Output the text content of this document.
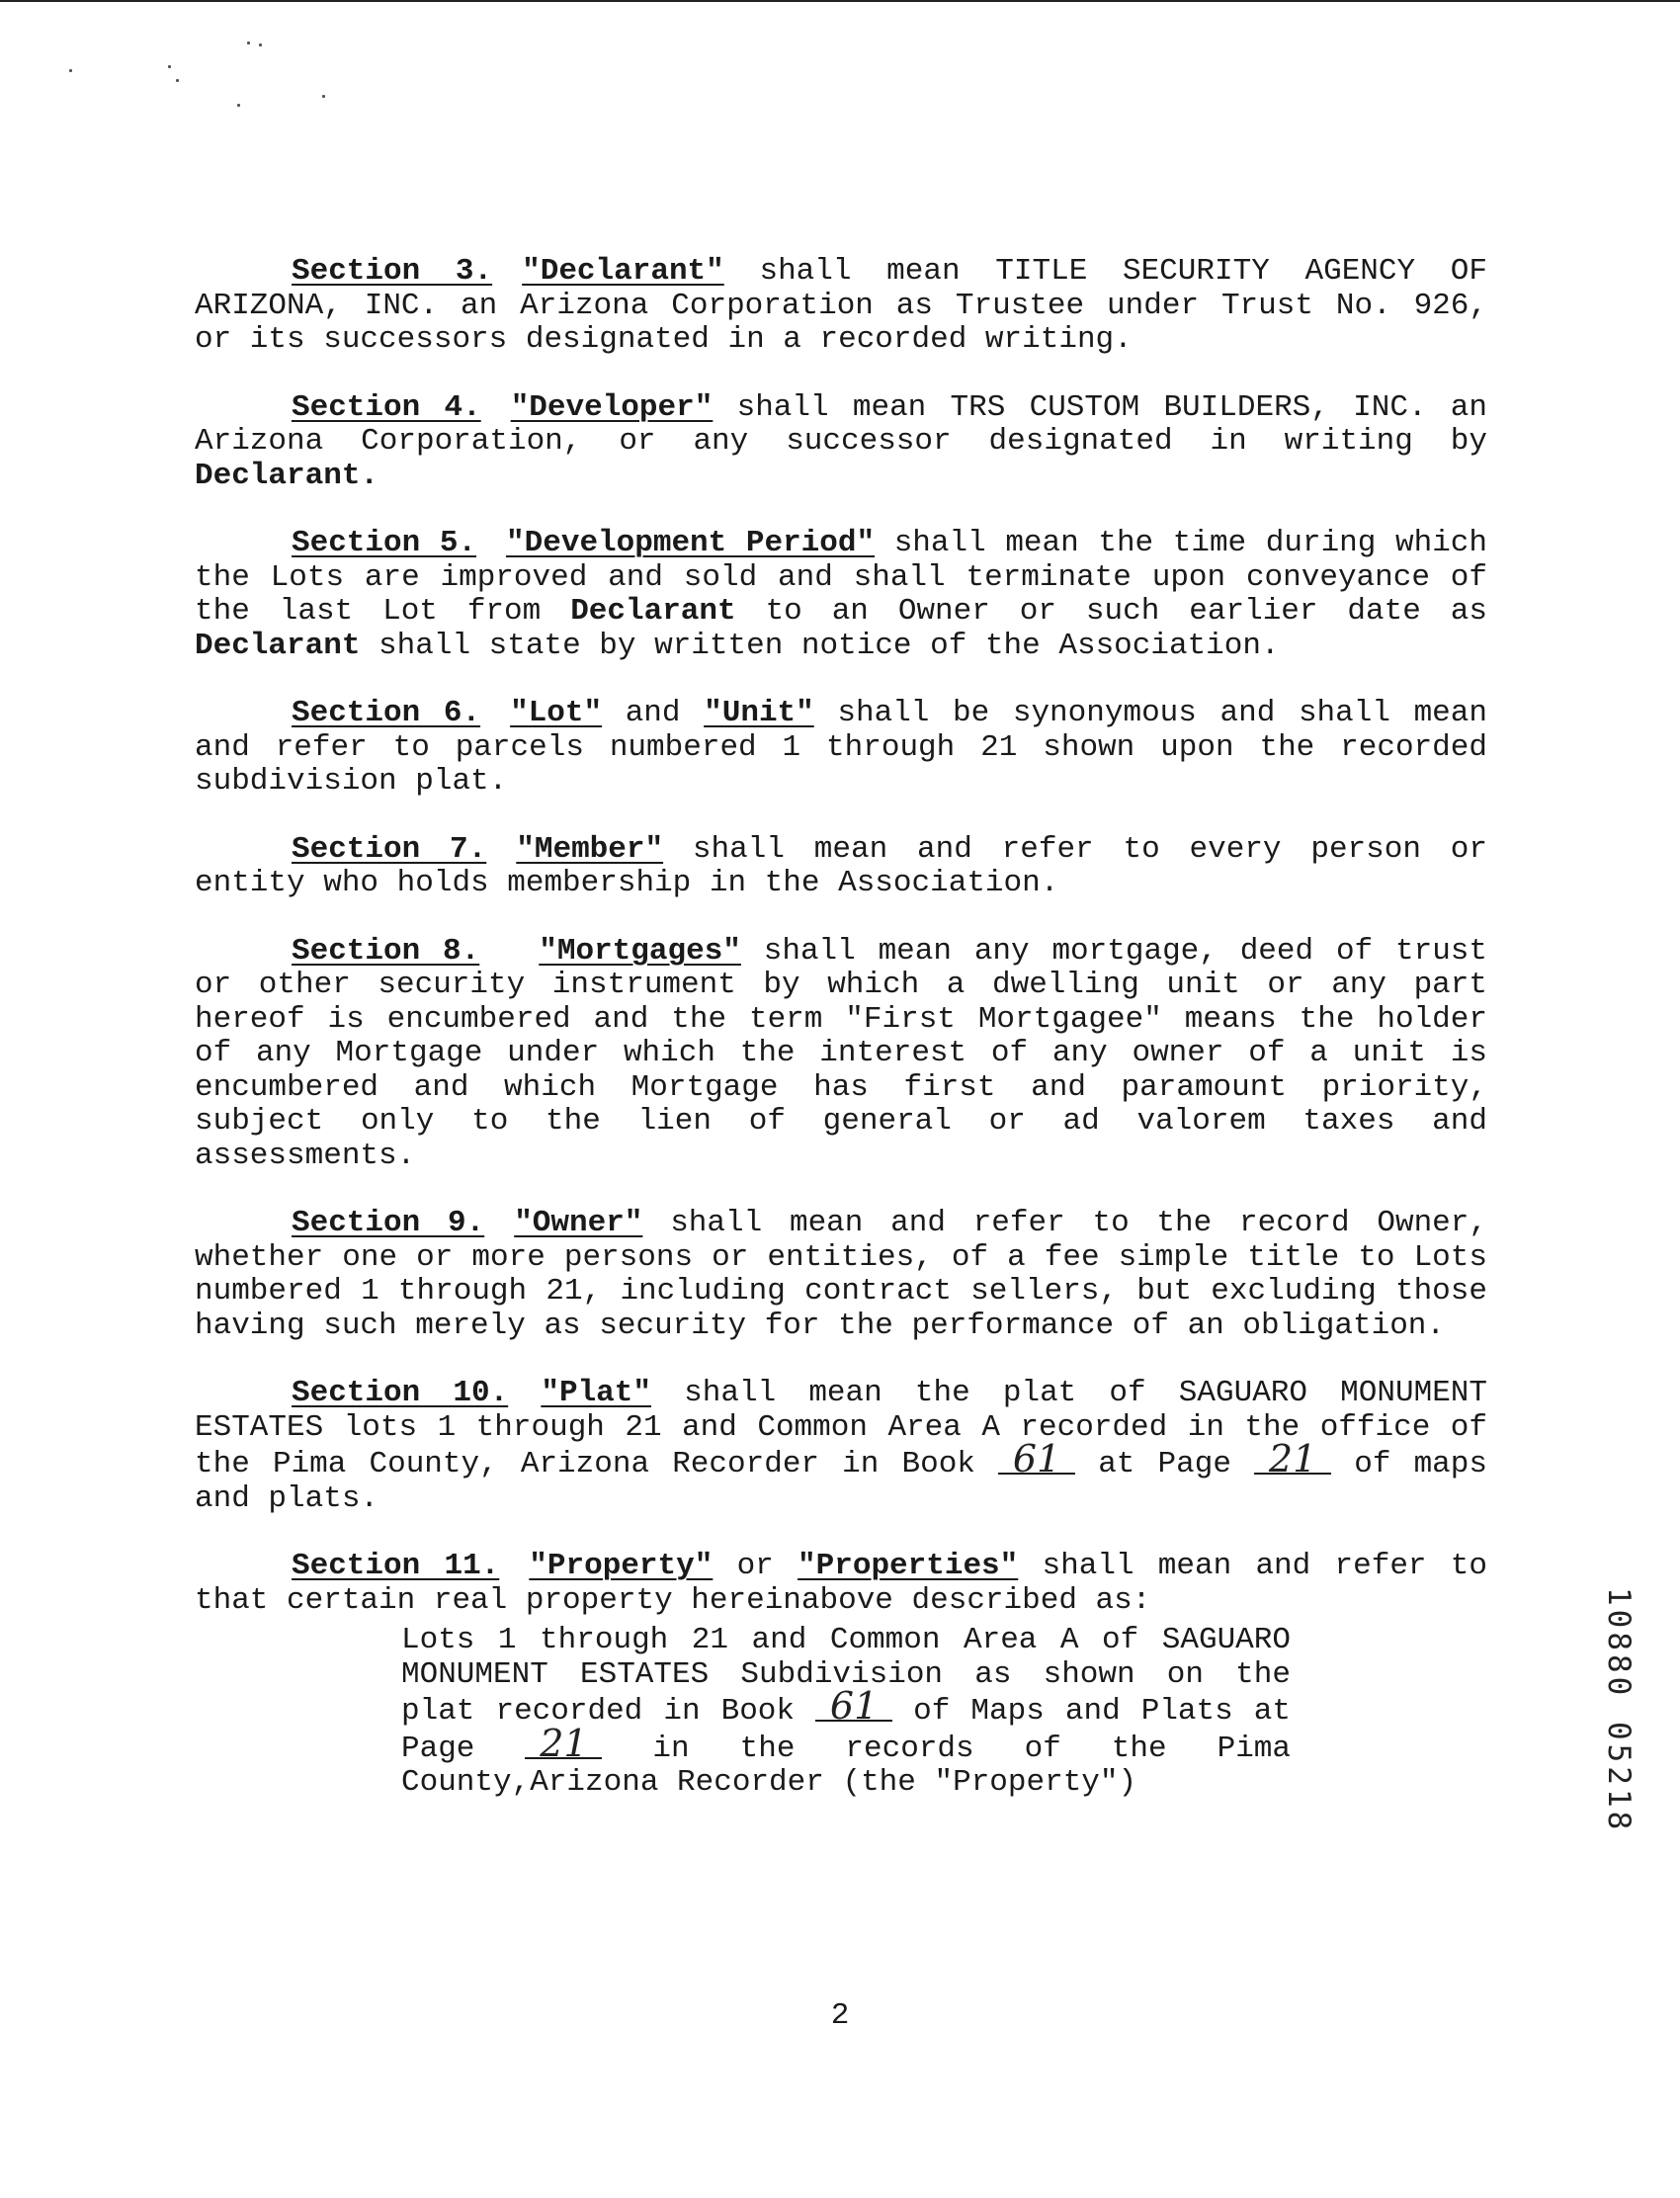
Section 3. "Declarant" shall mean TITLE SECURITY AGENCY OF ARIZONA, INC. an Arizona Corporation as Trustee under Trust No. 926, or its successors designated in a recorded writing.

Section 4. "Developer" shall mean TRS CUSTOM BUILDERS, INC. an Arizona Corporation, or any successor designated in writing by Declarant.

Section 5. "Development Period" shall mean the time during which the Lots are improved and sold and shall terminate upon conveyance of the last Lot from Declarant to an Owner or such earlier date as Declarant shall state by written notice of the Association.

Section 6. "Lot" and "Unit" shall be synonymous and shall mean and refer to parcels numbered 1 through 21 shown upon the recorded subdivision plat.

Section 7. "Member" shall mean and refer to every person or entity who holds membership in the Association.

Section 8. "Mortgages" shall mean any mortgage, deed of trust or other security instrument by which a dwelling unit or any part hereof is encumbered and the term "First Mortgagee" means the holder of any Mortgage under which the interest of any owner of a unit is encumbered and which Mortgage has first and paramount priority, subject only to the lien of general or ad valorem taxes and assessments.

Section 9. "Owner" shall mean and refer to the record Owner, whether one or more persons or entities, of a fee simple title to Lots numbered 1 through 21, including contract sellers, but excluding those having such merely as security for the performance of an obligation.

Section 10. "Plat" shall mean the plat of SAGUARO MONUMENT ESTATES lots 1 through 21 and Common Area A recorded in the office of the Pima County, Arizona Recorder in Book 61 at Page 21 of maps and plats.

Section 11. "Property" or "Properties" shall mean and refer to that certain real property hereinabove described as:
Lots 1 through 21 and Common Area A of SAGUARO MONUMENT ESTATES Subdivision as shown on the plat recorded in Book 61 of Maps and Plats at Page 21 in the records of the Pima County,Arizona Recorder (the "Property")
2
10880 05218
